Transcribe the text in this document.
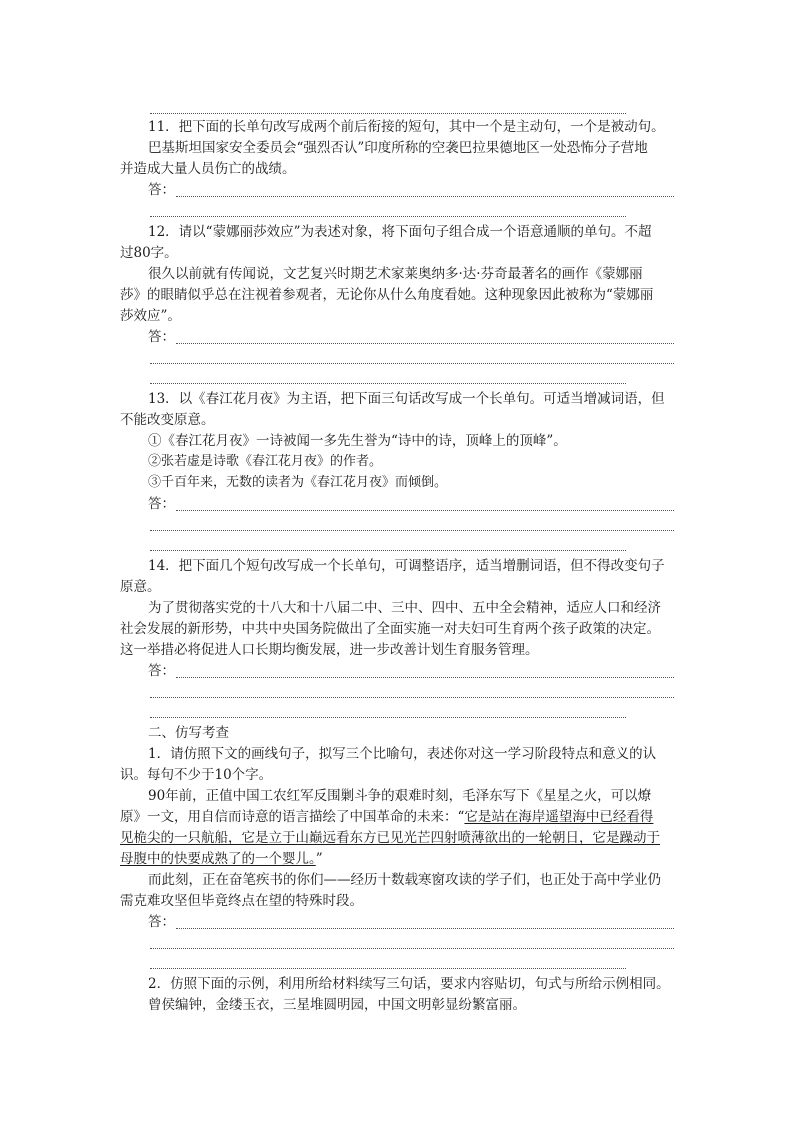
11．把下面的长单句改写成两个前后衔接的短句，其中一个是主动句，一个是被动句。
巴基斯坦国家安全委员会“强烈否认”印度所称的空袭巴拉果德地区一处恐怖分子营地
并造成大量人员伤亡的战绩。
答：
12．请以“蒙娜丽莎效应”为表述对象，将下面句子组合成一个语意通顺的单句。不超
过80字。
很久以前就有传闻说，文艺复兴时期艺术家莱奥纳多·达·芬奇最著名的画作《蒙娜丽
莎》的眼睛似乎总在注视着参观者，无论你从什么角度看她。这种现象因此被称为“蒙娜丽
莎效应”。
答：
13．以《春江花月夜》为主语，把下面三句话改写成一个长单句。可适当增减词语，但
不能改变原意。
①《春江花月夜》一诗被闻一多先生誉为“诗中的诗，顶峰上的顶峰”。
②张若虚是诗歌《春江花月夜》的作者。
③千百年来，无数的读者为《春江花月夜》而倾倒。
答：
14．把下面几个短句改写成一个长单句，可调整语序，适当增删词语，但不得改变句子
原意。
为了贯彻落实党的十八大和十八届二中、三中、四中、五中全会精神，适应人口和经济
社会发展的新形势，中共中央国务院做出了全面实施一对夫妇可生育两个孩子政策的决定。
这一举措必将促进人口长期均衡发展，进一步改善计划生育服务管理。
答：
二、仿写考查
1．请仿照下文的画线句子，拟写三个比喻句，表述你对这一学习阶段特点和意义的认
识。每句不少于10个字。
90年前，正值中国工农红军反围剿斗争的艰难时刻，毛泽东写下《星星之火，可以燎
原》一文，用自信而诗意的语言描绘了中国革命的未来：“它是站在海岸遥望海中已经看得
见桅尖的一只航船，它是立于山巅远看东方已见光芒四射喷薄欲出的一轮朝日，它是躁动于
母腹中的快要成熟了的一个婴儿。”
而此刻，正在奋笔疾书的你们——经历十数载寒窗攻读的学子们，也正处于高中学业仍
需克难攻坚但毕竟终点在望的特殊时段。
答：
2．仿照下面的示例，利用所给材料续写三句话，要求内容贴切，句式与所给示例相同。
曾侯编钟，金缕玉衣，三星堆圆明园，中国文明彰显纷繁富丽。
